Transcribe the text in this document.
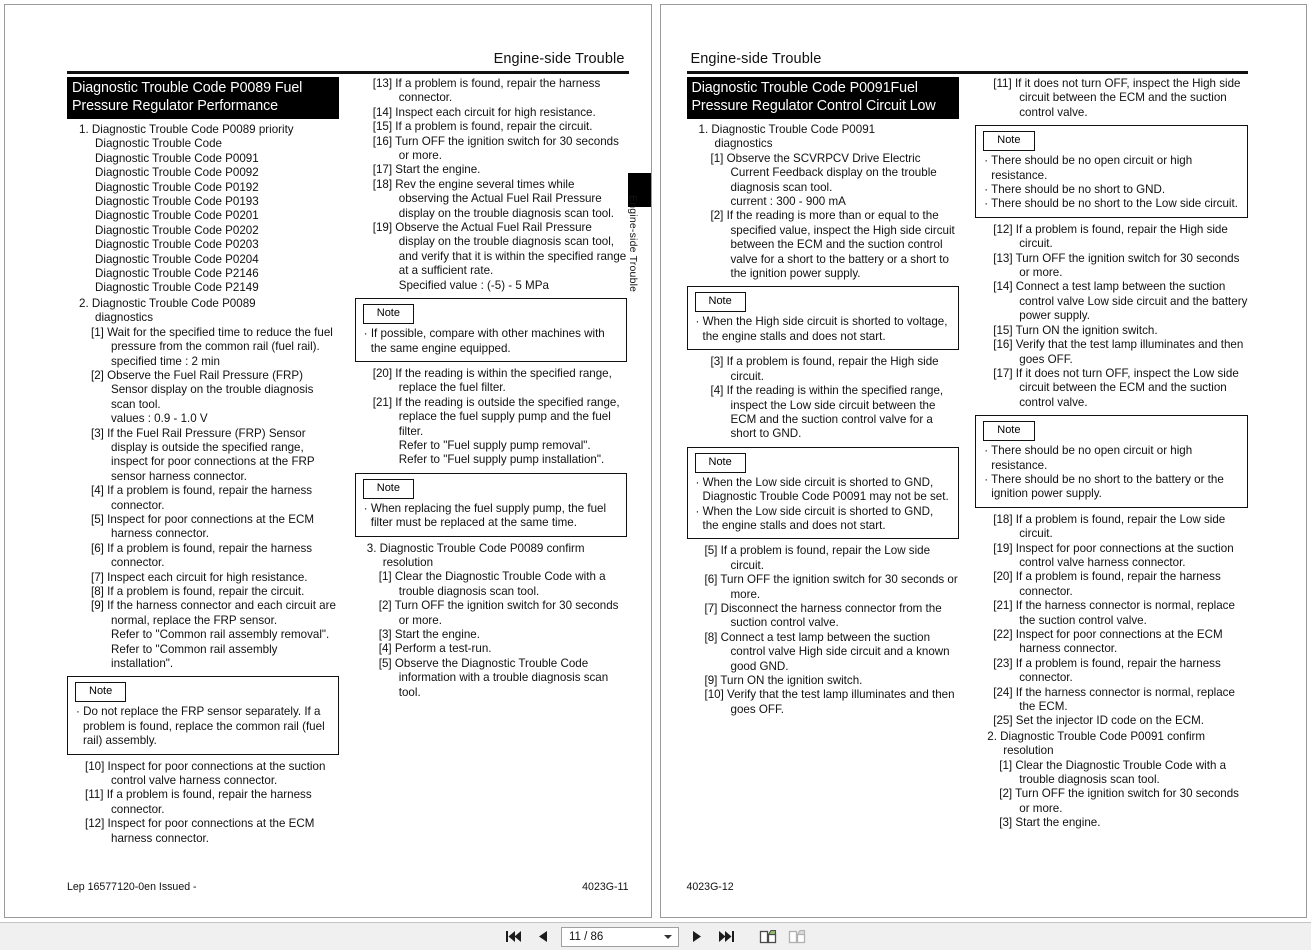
Engine-side Trouble
Engine-side Trouble
Diagnostic Trouble Code P0089 Fuel Pressure Regulator Performance
1. Diagnostic Trouble Code P0089 priority
Diagnostic Trouble Code
Diagnostic Trouble Code P0091
Diagnostic Trouble Code P0092
Diagnostic Trouble Code P0192
Diagnostic Trouble Code P0193
Diagnostic Trouble Code P0201
Diagnostic Trouble Code P0202
Diagnostic Trouble Code P0203
Diagnostic Trouble Code P0204
Diagnostic Trouble Code P2146
Diagnostic Trouble Code P2149
2. Diagnostic Trouble Code P0089
diagnostics
[1] Wait for the specified time to reduce the fuel pressure from the common rail (fuel rail).
specified time : 2 min
[2] Observe the Fuel Rail Pressure (FRP) Sensor display on the trouble diagnosis scan tool.
values : 0.9 - 1.0 V
[3] If the Fuel Rail Pressure (FRP) Sensor display is outside the specified range, inspect for poor connections at the FRP sensor harness connector.
[4] If a problem is found, repair the harness connector.
[5] Inspect for poor connections at the ECM harness connector.
[6] If a problem is found, repair the harness connector.
[7] Inspect each circuit for high resistance.
[8] If a problem is found, repair the circuit.
[9] If the harness connector and each circuit are normal, replace the FRP sensor.
Refer to "Common rail assembly removal".
Refer to "Common rail assembly installation".
Note
· Do not replace the FRP sensor separately. If a problem is found, replace the common rail (fuel rail) assembly.
[10] Inspect for poor connections at the suction control valve harness connector.
[11] If a problem is found, repair the harness connector.
[12] Inspect for poor connections at the ECM harness connector.
[13] If a problem is found, repair the harness connector.
[14] Inspect each circuit for high resistance.
[15] If a problem is found, repair the circuit.
[16] Turn OFF the ignition switch for 30 seconds or more.
[17] Start the engine.
[18] Rev the engine several times while observing the Actual Fuel Rail Pressure display on the trouble diagnosis scan tool.
[19] Observe the Actual Fuel Rail Pressure display on the trouble diagnosis scan tool, and verify that it is within the specified range at a sufficient rate.
Specified value : (-5) - 5 MPa
Note
· If possible, compare with other machines with the same engine equipped.
[20] If the reading is within the specified range, replace the fuel filter.
[21] If the reading is outside the specified range, replace the fuel supply pump and the fuel filter.
Refer to "Fuel supply pump removal".
Refer to "Fuel supply pump installation".
Note
· When replacing the fuel supply pump, the fuel filter must be replaced at the same time.
3. Diagnostic Trouble Code P0089 confirm
resolution
[1] Clear the Diagnostic Trouble Code with a trouble diagnosis scan tool.
[2] Turn OFF the ignition switch for 30 seconds or more.
[3] Start the engine.
[4] Perform a test-run.
[5] Observe the Diagnostic Trouble Code information with a trouble diagnosis scan tool.
Lep 16577120-0en Issued -	4023G-11
Engine-side Trouble
Diagnostic Trouble Code P0091Fuel Pressure Regulator Control Circuit Low
1. Diagnostic Trouble Code P0091
diagnostics
[1] Observe the SCVRPCV Drive Electric Current Feedback display on the trouble diagnosis scan tool.
current : 300 - 900 mA
[2] If the reading is more than or equal to the specified value, inspect the High side circuit between the ECM and the suction control valve for a short to the battery or a short to the ignition power supply.
Note
· When the High side circuit is shorted to voltage, the engine stalls and does not start.
[3] If a problem is found, repair the High side circuit.
[4] If the reading is within the specified range, inspect the Low side circuit between the ECM and the suction control valve for a short to GND.
Note
· When the Low side circuit is shorted to GND, Diagnostic Trouble Code P0091 may not be set.
· When the Low side circuit is shorted to GND, the engine stalls and does not start.
[5] If a problem is found, repair the Low side circuit.
[6] Turn OFF the ignition switch for 30 seconds or more.
[7] Disconnect the harness connector from the suction control valve.
[8] Connect a test lamp between the suction control valve High side circuit and a known good GND.
[9] Turn ON the ignition switch.
[10] Verify that the test lamp illuminates and then goes OFF.
[11] If it does not turn OFF, inspect the High side circuit between the ECM and the suction control valve.
Note
· There should be no open circuit or high resistance.
· There should be no short to GND.
· There should be no short to the Low side circuit.
[12] If a problem is found, repair the High side circuit.
[13] Turn OFF the ignition switch for 30 seconds or more.
[14] Connect a test lamp between the suction control valve Low side circuit and the battery power supply.
[15] Turn ON the ignition switch.
[16] Verify that the test lamp illuminates and then goes OFF.
[17] If it does not turn OFF, inspect the Low side circuit between the ECM and the suction control valve.
Note
· There should be no open circuit or high resistance.
· There should be no short to the battery or the ignition power supply.
[18] If a problem is found, repair the Low side circuit.
[19] Inspect for poor connections at the suction control valve harness connector.
[20] If a problem is found, repair the harness connector.
[21] If the harness connector is normal, replace the suction control valve.
[22] Inspect for poor connections at the ECM harness connector.
[23] If a problem is found, repair the harness connector.
[24] If the harness connector is normal, replace the ECM.
[25] Set the injector ID code on the ECM.
2. Diagnostic Trouble Code P0091 confirm
resolution
[1] Clear the Diagnostic Trouble Code with a trouble diagnosis scan tool.
[2] Turn OFF the ignition switch for 30 seconds or more.
[3] Start the engine.
4023G-12
11 / 86
